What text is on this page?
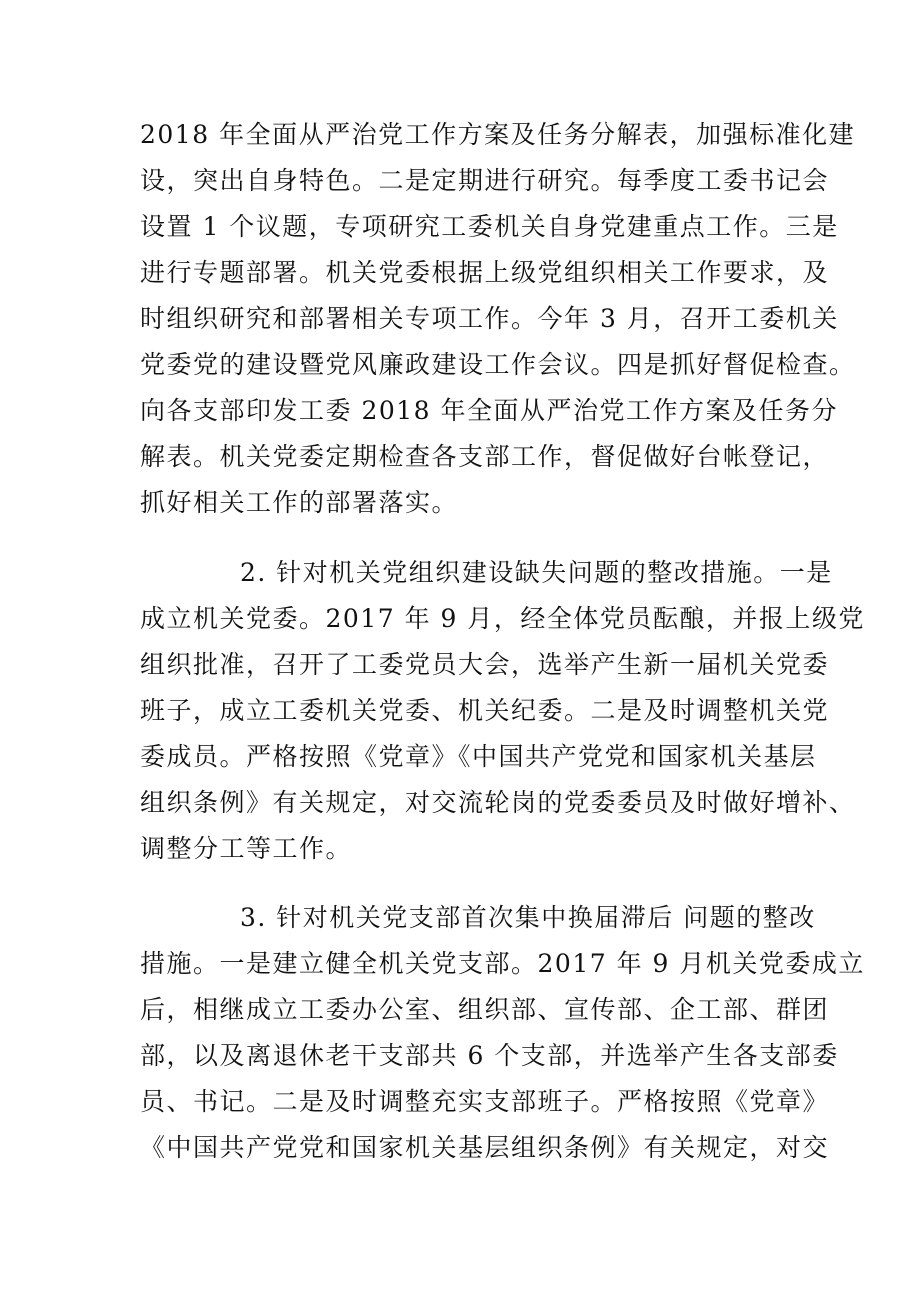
2018 年全面从严治党工作方案及任务分解表，加强标准化建
设，突出自身特色。二是定期进行研究。每季度工委书记会
设置 1 个议题，专项研究工委机关自身党建重点工作。三是
进行专题部署。机关党委根据上级党组织相关工作要求，及
时组织研究和部署相关专项工作。今年 3 月，召开工委机关
党委党的建设暨党风廉政建设工作会议。四是抓好督促检查。
向各支部印发工委 2018 年全面从严治党工作方案及任务分
解表。机关党委定期检查各支部工作，督促做好台帐登记，
抓好相关工作的部署落实。
2. 针对机关党组织建设缺失问题的整改措施。一是
成立机关党委。2017 年 9 月，经全体党员酝酿，并报上级党
组织批准，召开了工委党员大会，选举产生新一届机关党委
班子，成立工委机关党委、机关纪委。二是及时调整机关党
委成员。严格按照《党章》《中国共产党党和国家机关基层
组织条例》有关规定，对交流轮岗的党委委员及时做好增补、
调整分工等工作。
3. 针对机关党支部首次集中换届滞后 问题的整改
措施。一是建立健全机关党支部。2017 年 9 月机关党委成立
后，相继成立工委办公室、组织部、宣传部、企工部、群团
部，以及离退休老干支部共 6 个支部，并选举产生各支部委
员、书记。二是及时调整充实支部班子。严格按照《党章》
《中国共产党党和国家机关基层组织条例》有关规定，对交
